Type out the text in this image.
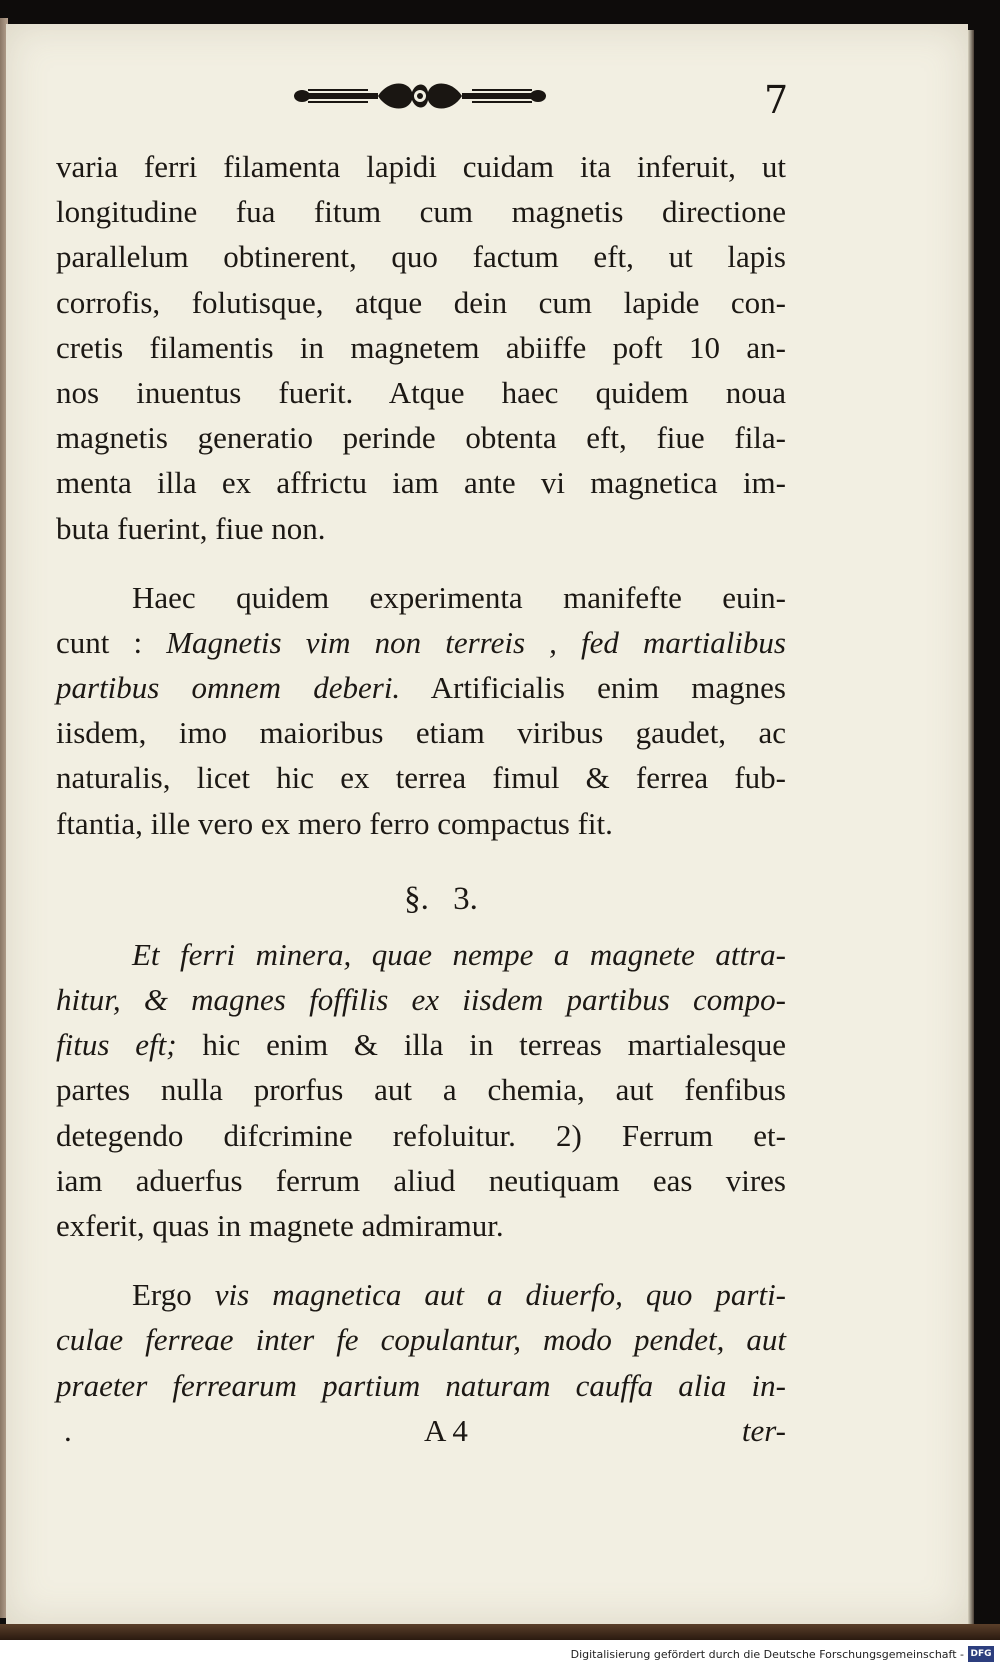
7
varia ferri filamenta lapidi cuidam ita inferuit, ut
longitudine fua fitum cum magnetis directione
parallelum obtinerent, quo factum eft, ut lapis
corrofis, folutisque, atque dein cum lapide con-
cretis filamentis in magnetem abiiffe poft 10 an-
nos inuentus fuerit. Atque haec quidem noua
magnetis generatio perinde obtenta eft, fiue fila-
menta illa ex affrictu iam ante vi magnetica im-
buta fuerint, fiue non.
Haec quidem experimenta manifefte euin-
cunt : Magnetis vim non terreis , fed martialibus
partibus omnem deberi. Artificialis enim magnes
iisdem, imo maioribus etiam viribus gaudet, ac
naturalis, licet hic ex terrea fimul & ferrea fub-
ftantia, ille vero ex mero ferro compactus fit.
§. 3.
Et ferri minera, quae nempe a magnete attra-
hitur, & magnes foffilis ex iisdem partibus compo-
fitus eft; hic enim & illa in terreas martialesque
partes nulla prorfus aut a chemia, aut fenfibus
detegendo difcrimine refoluitur. 2) Ferrum et-
iam aduerfus ferrum aliud neutiquam eas vires
exferit, quas in magnete admiramur.
Ergo vis magnetica aut a diuerfo, quo parti-
culae ferreae inter fe copulantur, modo pendet, aut
praeter ferrearum partium naturam cauffa alia in-
.	A 4	ter-
Digitalisierung gefördert durch die Deutsche Forschungsgemeinschaft - DFG
